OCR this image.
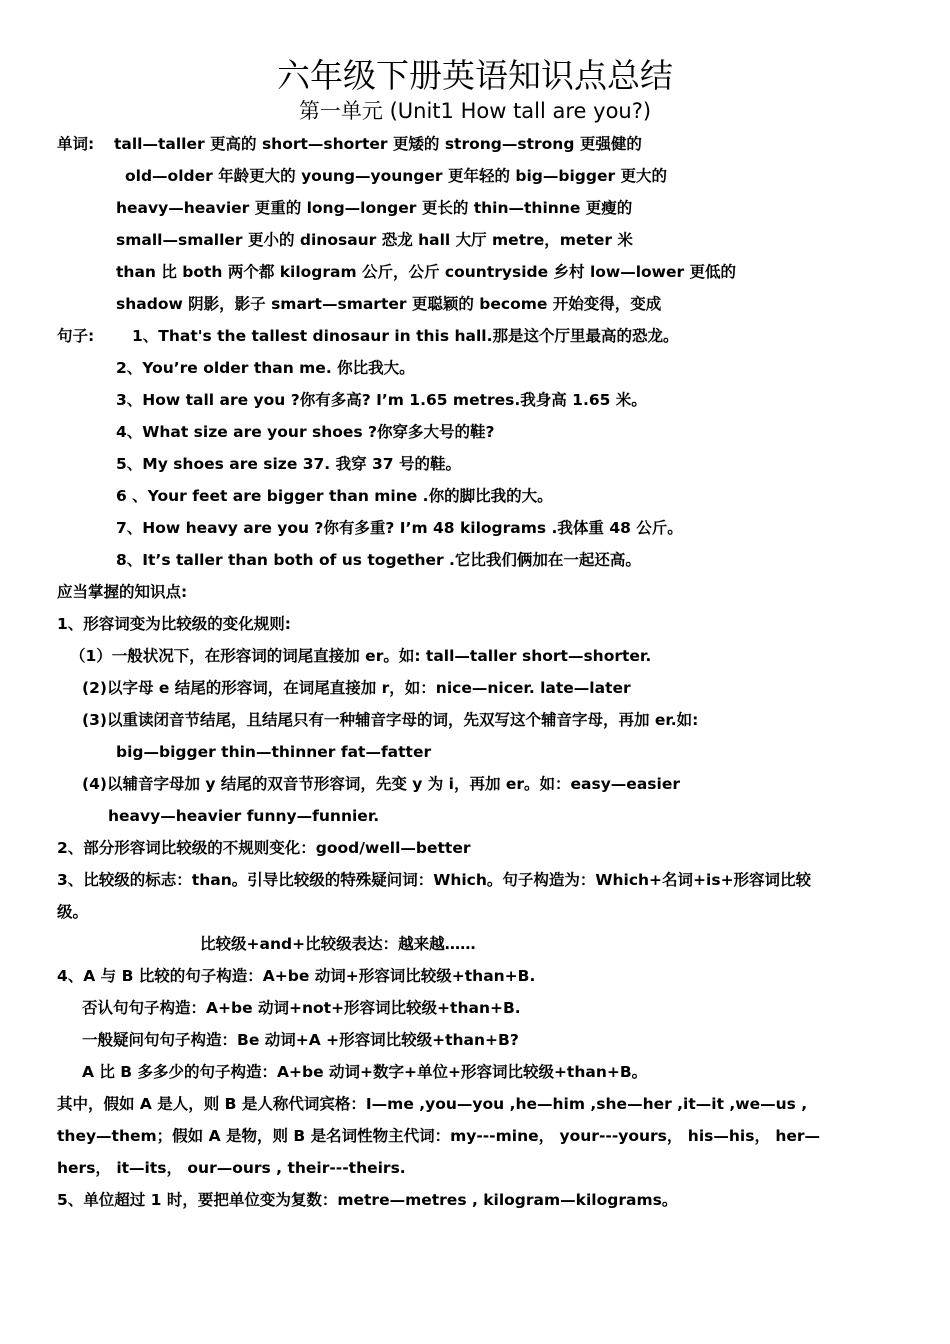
六年级下册英语知识点总结
第一单元 (Unit1 How tall are you?)
单词: tall—taller 更高的 short—shorter 更矮的 strong—strong 更强健的
old—older 年龄更大的 young—younger 更年轻的 big—bigger 更大的
heavy—heavier 更重的 long—longer 更长的 thin—thinne 更瘦的
small—smaller 更小的 dinosaur 恐龙 hall 大厅 metre，meter 米
than 比 both 两个都 kilogram 公斤，公斤 countryside 乡村 low—lower 更低的
shadow 阴影，影子 smart—smarter 更聪颖的 become 开始变得，变成
句子: 1、That's the tallest dinosaur in this hall.那是这个厅里最高的恐龙。
2、You’re older than me. 你比我大。
3、How tall are you ?你有多高? I’m 1.65 metres.我身高 1.65 米。
4、What size are your shoes ?你穿多大号的鞋?
5、My shoes are size 37. 我穿 37 号的鞋。
6 、Your feet are bigger than mine .你的脚比我的大。
7、How heavy are you ?你有多重? I’m 48 kilograms .我体重 48 公斤。
8、It’s taller than both of us together .它比我们俩加在一起还高。
应当掌握的知识点:
1、形容词变为比较级的变化规则:
（1）一般状况下，在形容词的词尾直接加 er。如: tall—taller short—shorter.
(2)以字母 e 结尾的形容词，在词尾直接加 r，如：nice—nicer. late—later
(3)以重读闭音节结尾，且结尾只有一种辅音字母的词，先双写这个辅音字母，再加 er.如:
big—bigger thin—thinner fat—fatter
(4)以辅音字母加 y 结尾的双音节形容词，先变 y 为 i，再加 er。如：easy—easier
heavy—heavier funny—funnier.
2、部分形容词比较级的不规则变化：good/well—better
3、比较级的标志：than。引导比较级的特殊疑问词：Which。句子构造为：Which+名词+is+形容词比较
级。
比较级+and+比较级表达：越来越……
4、A 与 B 比较的句子构造：A+be 动词+形容词比较级+than+B.
否认句句子构造：A+be 动词+not+形容词比较级+than+B.
一般疑问句句子构造：Be 动词+A +形容词比较级+than+B?
A 比 B 多多少的句子构造：A+be 动词+数字+单位+形容词比较级+than+B。
其中，假如 A 是人，则 B 是人称代词宾格：I—me ,you—you ,he—him ,she—her ,it—it ,we—us ,
they—them；假如 A 是物，则 B 是名词性物主代词：my---mine， your---yours， his—his， her—
hers， it—its， our—ours , their---theirs.
5、单位超过 1 时，要把单位变为复数：metre—metres , kilogram—kilograms。
